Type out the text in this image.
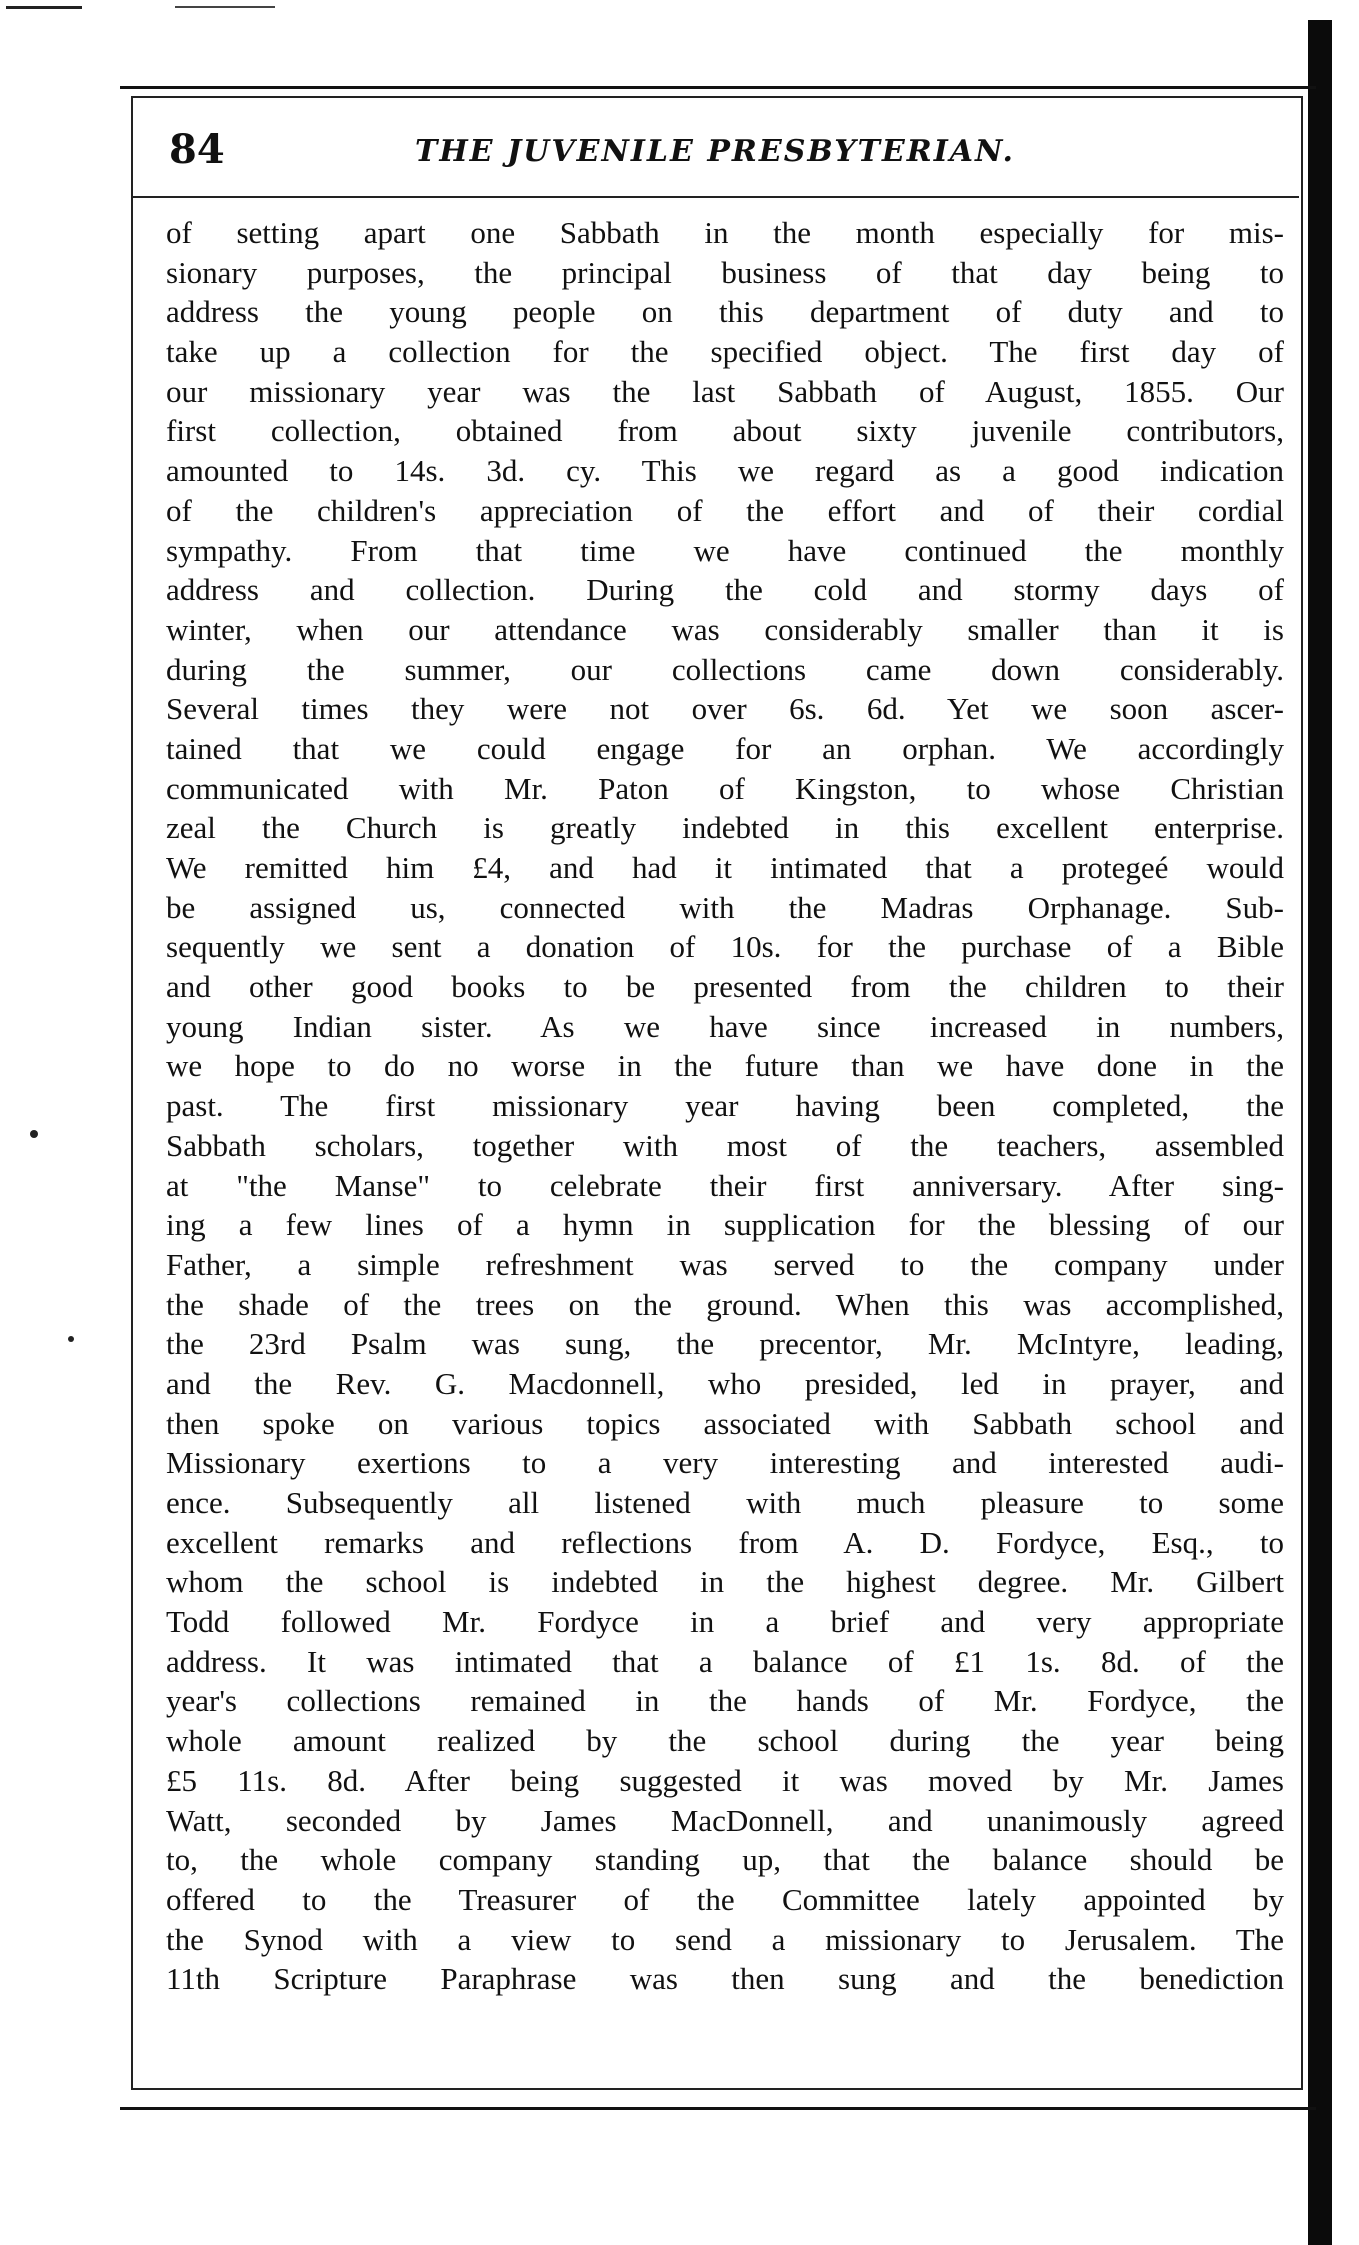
84	THE JUVENILE PRESBYTERIAN.
of setting apart one Sabbath in the month especially for mis-
sionary purposes, the principal business of that day being to
address the young people on this department of duty and to
take up a collection for the specified object. The first day of
our missionary year was the last Sabbath of August, 1855. Our
first collection, obtained from about sixty juvenile contributors,
amounted to 14s. 3d. cy. This we regard as a good indication
of the children's appreciation of the effort and of their cordial
sympathy. From that time we have continued the monthly
address and collection. During the cold and stormy days of
winter, when our attendance was considerably smaller than it is
during the summer, our collections came down considerably.
Several times they were not over 6s. 6d. Yet we soon ascer-
tained that we could engage for an orphan. We accordingly
communicated with Mr. Paton of Kingston, to whose Christian
zeal the Church is greatly indebted in this excellent enterprise.
We remitted him £4, and had it intimated that a protegeé would
be assigned us, connected with the Madras Orphanage. Sub-
sequently we sent a donation of 10s. for the purchase of a Bible
and other good books to be presented from the children to their
young Indian sister. As we have since increased in numbers,
we hope to do no worse in the future than we have done in the
past. The first missionary year having been completed, the
Sabbath scholars, together with most of the teachers, assembled
at "the Manse" to celebrate their first anniversary. After sing-
ing a few lines of a hymn in supplication for the blessing of our
Father, a simple refreshment was served to the company under
the shade of the trees on the ground. When this was accomplished,
the 23rd Psalm was sung, the precentor, Mr. McIntyre, leading,
and the Rev. G. Macdonnell, who presided, led in prayer, and
then spoke on various topics associated with Sabbath school and
Missionary exertions to a very interesting and interested audi-
ence. Subsequently all listened with much pleasure to some
excellent remarks and reflections from A. D. Fordyce, Esq., to
whom the school is indebted in the highest degree. Mr. Gilbert
Todd followed Mr. Fordyce in a brief and very appropriate
address. It was intimated that a balance of £1 1s. 8d. of the
year's collections remained in the hands of Mr. Fordyce, the
whole amount realized by the school during the year being
£5 11s. 8d. After being suggested it was moved by Mr. James
Watt, seconded by James MacDonnell, and unanimously agreed
to, the whole company standing up, that the balance should be
offered to the Treasurer of the Committee lately appointed by
the Synod with a view to send a missionary to Jerusalem. The
11th Scripture Paraphrase was then sung and the benediction
